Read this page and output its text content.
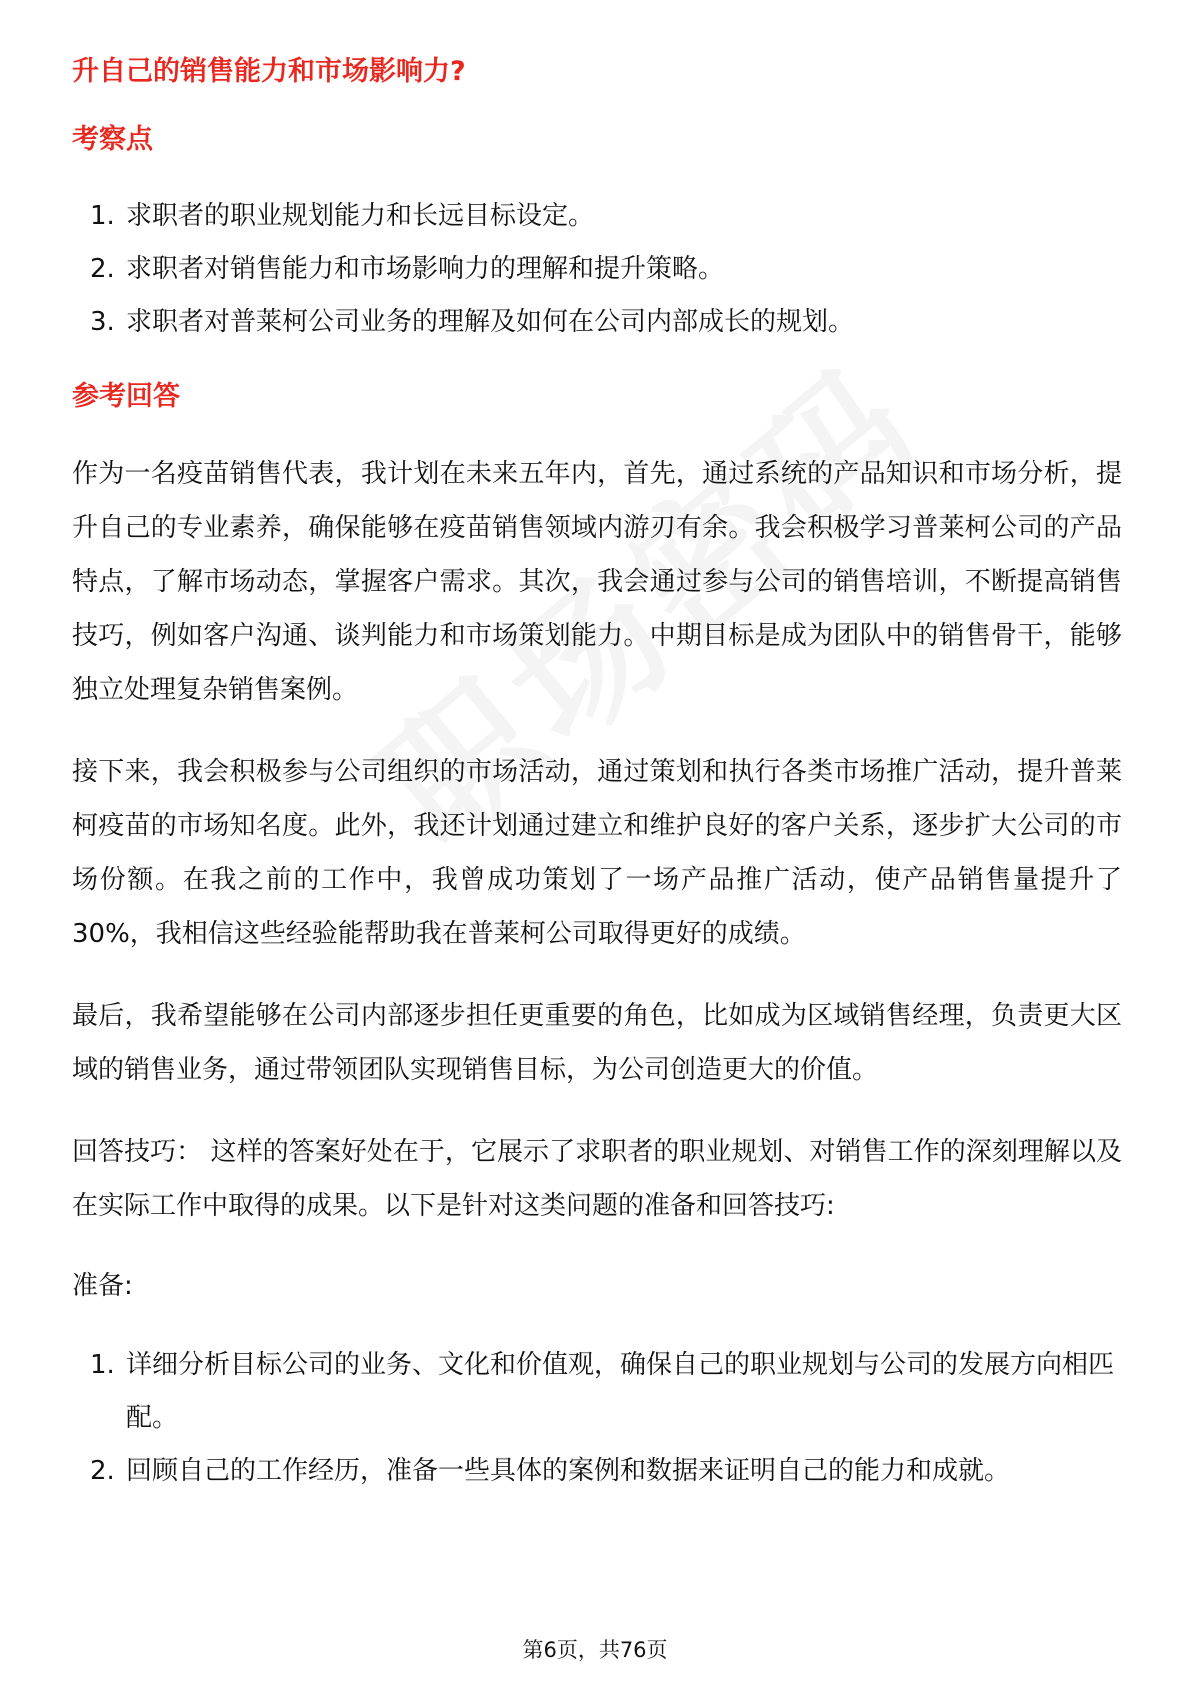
升自己的销售能力和市场影响力?

考察点

1. 求职者的职业规划能力和长远目标设定。
2. 求职者对销售能力和市场影响力的理解和提升策略。
3. 求职者对普莱柯公司业务的理解及如何在公司内部成长的规划。

参考回答

作为一名疫苗销售代表，我计划在未来五年内，首先，通过系统的产品知识和市场分析，提升自己的专业素养，确保能够在疫苗销售领域内游刃有余。我会积极学习普莱柯公司的产品特点，了解市场动态，掌握客户需求。其次，我会通过参与公司的销售培训，不断提高销售技巧，例如客户沟通、谈判能力和市场策划能力。中期目标是成为团队中的销售骨干，能够独立处理复杂销售案例。

接下来，我会积极参与公司组织的市场活动，通过策划和执行各类市场推广活动，提升普莱柯疫苗的市场知名度。此外，我还计划通过建立和维护良好的客户关系，逐步扩大公司的市场份额。在我之前的工作中，我曾成功策划了一场产品推广活动，使产品销售量提升了30%，我相信这些经验能帮助我在普莱柯公司取得更好的成绩。

最后，我希望能够在公司内部逐步担任更重要的角色，比如成为区域销售经理，负责更大区域的销售业务，通过带领团队实现销售目标，为公司创造更大的价值。

回答技巧： 这样的答案好处在于，它展示了求职者的职业规划、对销售工作的深刻理解以及在实际工作中取得的成果。以下是针对这类问题的准备和回答技巧:

准备:

1. 详细分析目标公司的业务、文化和价值观，确保自己的职业规划与公司的发展方向相匹配。
2. 回顾自己的工作经历，准备一些具体的案例和数据来证明自己的能力和成就。
第6页，共76页
